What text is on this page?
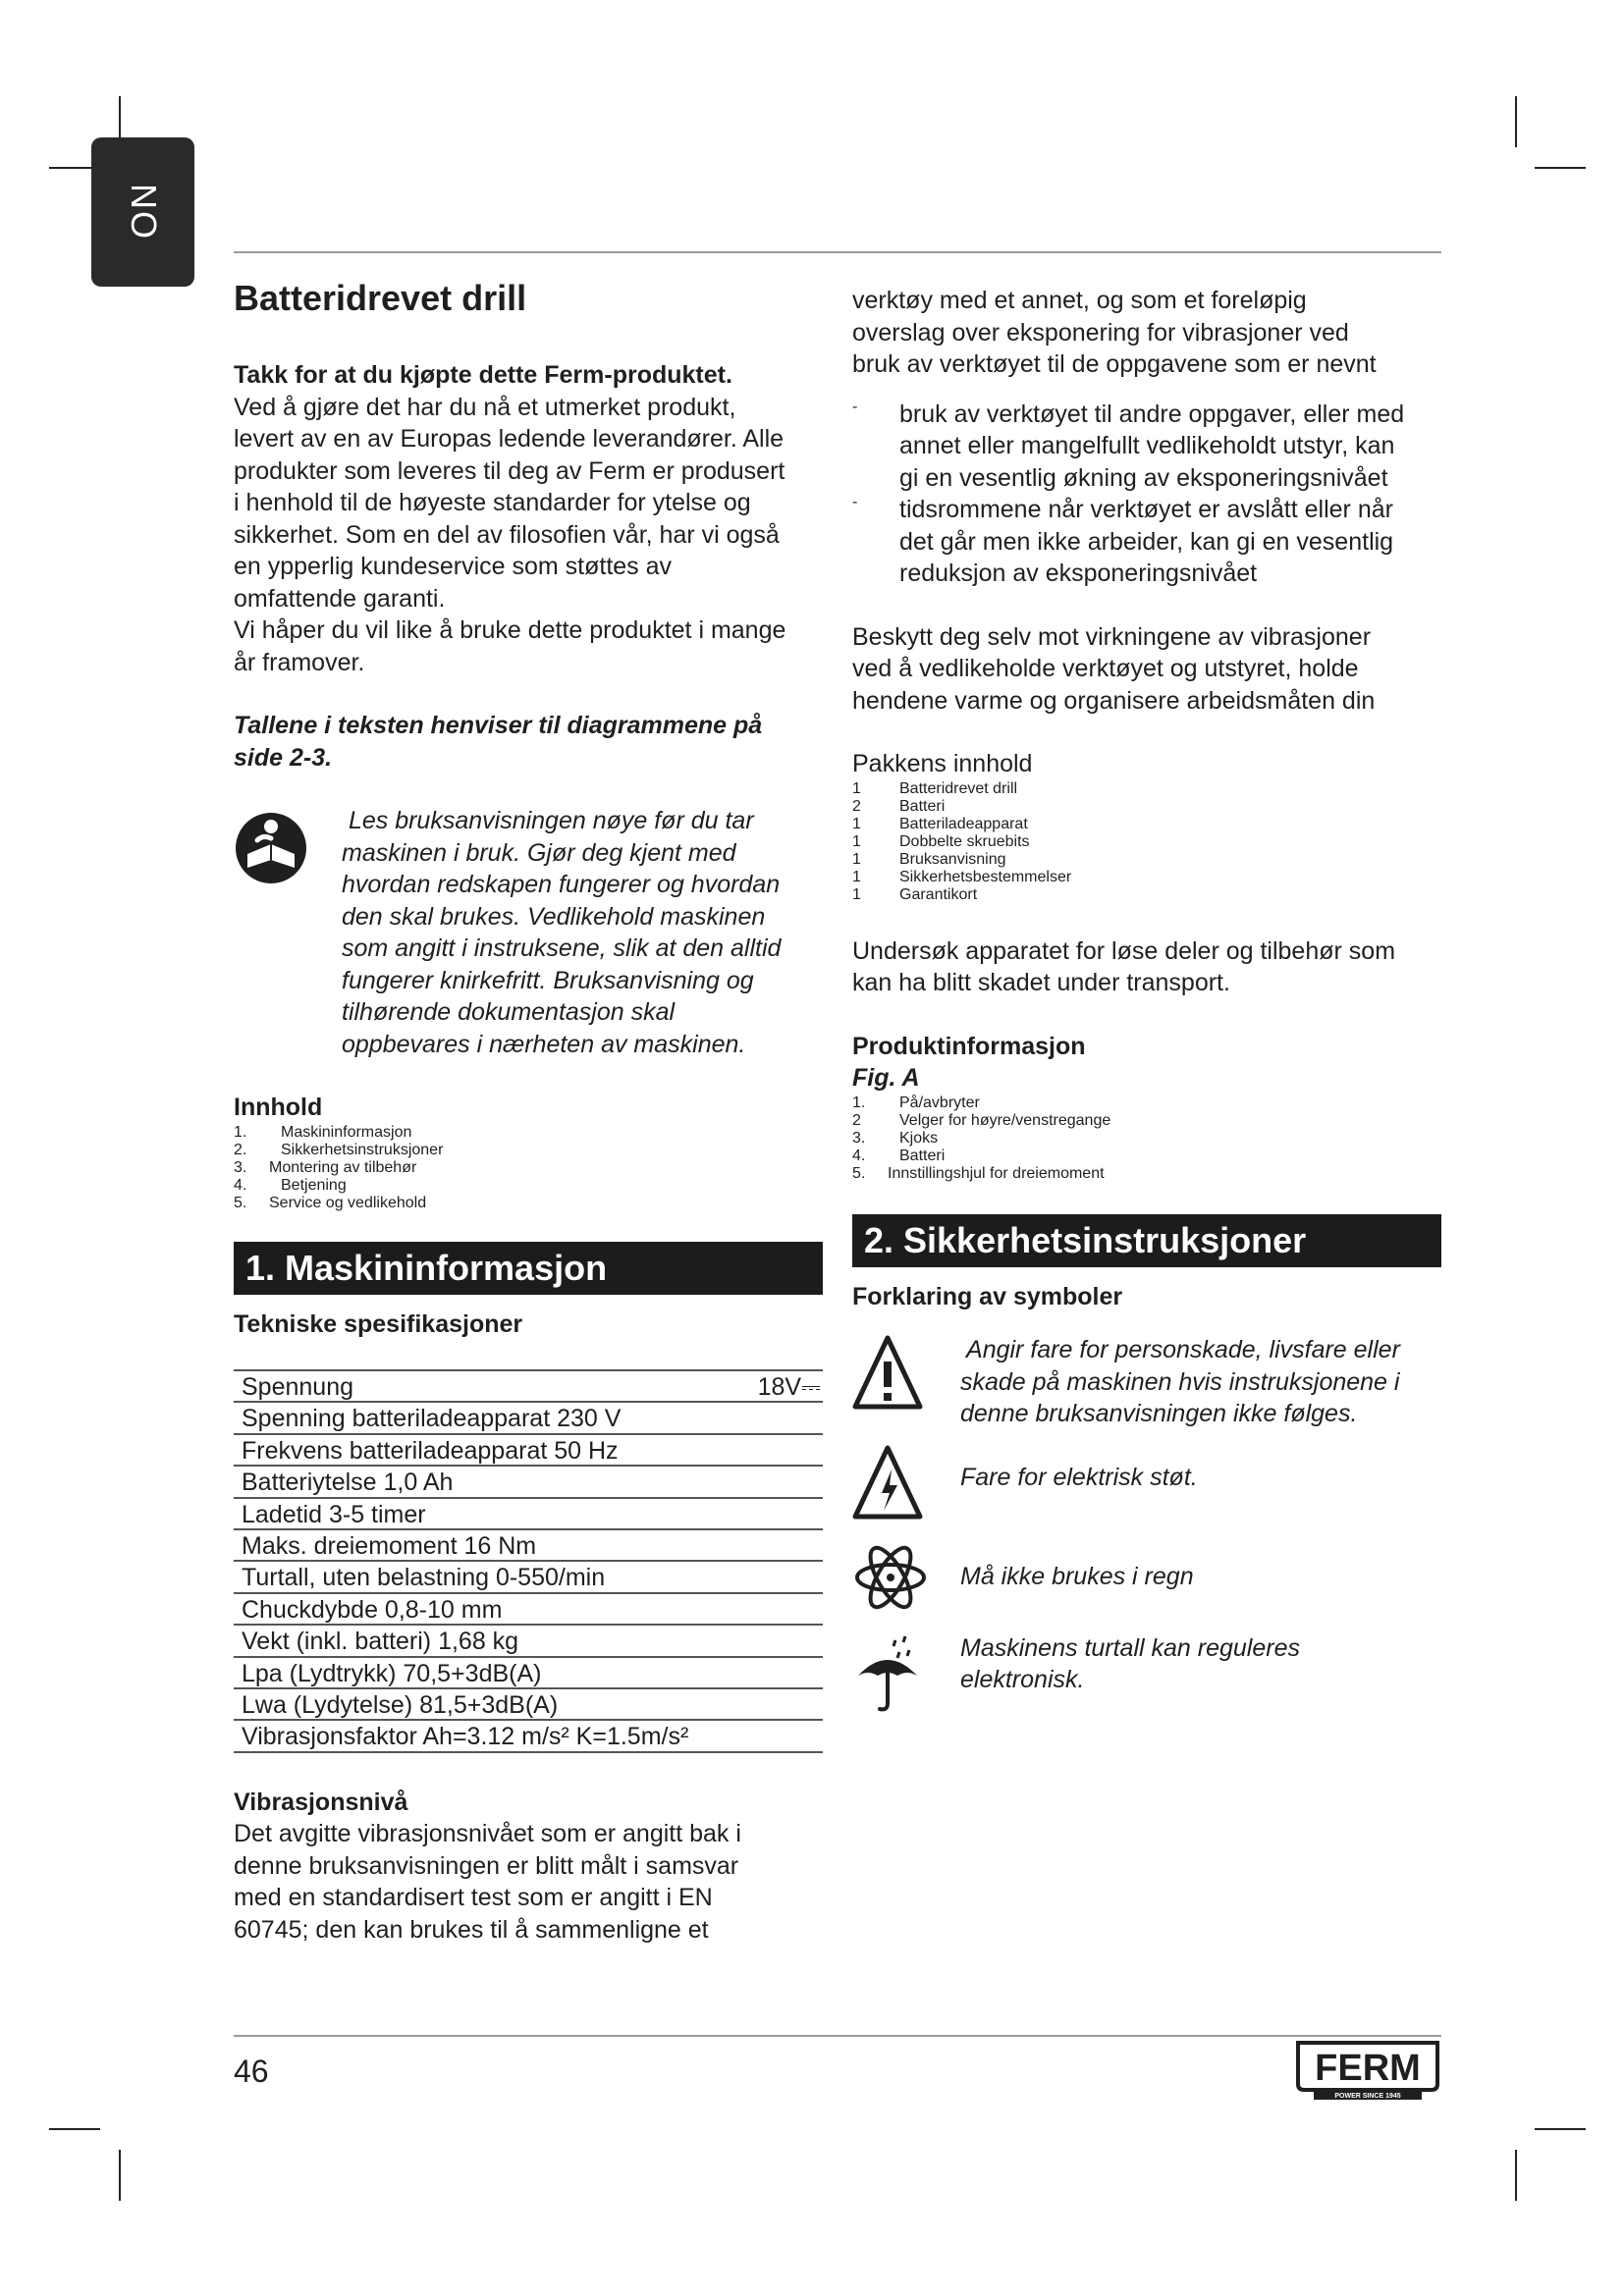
NO
Batteridrevet drill

Takk for at du kjøpte dette Ferm-produktet.

Ved å gjøre det har du nå et utmerket produkt,
levert av en av Europas ledende leverandører. Alle
produkter som leveres til deg av Ferm er produsert
i henhold til de høyeste standarder for ytelse og
sikkerhet. Som en del av filosofien vår, har vi også
en ypperlig kundeservice som støttes av
omfattende garanti.
Vi håper du vil like å bruke dette produktet i mange
år framover.
Tallene i teksten henviser til diagrammene på
side 2-3.
Les bruksanvisningen nøye før du tar
maskinen i bruk. Gjør deg kjent med
hvordan redskapen fungerer og hvordan
den skal brukes. Vedlikehold maskinen
som angitt i instruksene, slik at den alltid
fungerer knirkefritt. Bruksanvisning og
tilhørende dokumentasjon skal
oppbevares i nærheten av maskinen.

Innhold

1.	Maskininformasjon
2.	Sikkerhetsinstruksjoner
3.	Montering av tilbehør
4.	Betjening
5.	Service og vedlikehold
1. Maskininformasjon

Tekniske spesifikasjoner

Spennung	18V⎓
Spenning batteriladeapparat 230 V
Frekvens batteriladeapparat 50 Hz
Batteriytelse 1,0 Ah
Ladetid 3-5 timer
Maks. dreiemoment 16 Nm
Turtall, uten belastning 0-550/min
Chuckdybde 0,8-10 mm
Vekt (inkl. batteri) 1,68 kg
Lpa (Lydtrykk) 70,5+3dB(A)
Lwa (Lydytelse) 81,5+3dB(A)
Vibrasjonsfaktor Ah=3.12 m/s² K=1.5m/s²

Vibrasjonsnivå

Det avgitte vibrasjonsnivået som er angitt bak i
denne bruksanvisningen er blitt målt i samsvar
med en standardisert test som er angitt i EN
60745; den kan brukes til å sammenligne et
verktøy med et annet, og som et foreløpig
overslag over eksponering for vibrasjoner ved
bruk av verktøyet til de oppgavene som er nevnt
-	bruk av verktøyet til andre oppgaver, eller med
annet eller mangelfullt vedlikeholdt utstyr, kan
gi en vesentlig økning av eksponeringsnivået
-	tidsrommene når verktøyet er avslått eller når
det går men ikke arbeider, kan gi en vesentlig
reduksjon av eksponeringsnivået
Beskytt deg selv mot virkningene av vibrasjoner
ved å vedlikeholde verktøyet og utstyret, holde
hendene varme og organisere arbeidsmåten din

Pakkens innhold

1	Batteridrevet drill
2	Batteri
1	Batteriladeapparat
1	Dobbelte skruebits
1	Bruksanvisning
1	Sikkerhetsbestemmelser
1	Garantikort
Undersøk apparatet for løse deler og tilbehør som
kan ha blitt skadet under transport.

Produktinformasjon

Fig. A

1.	På/avbryter
2	Velger for høyre/venstregange
3.	Kjoks
4.	Batteri
5.	Innstillingshjul for dreiemoment
2. Sikkerhetsinstruksjoner

Forklaring av symboler

Angir fare for personskade, livsfare eller
skade på maskinen hvis instruksjonene i
denne bruksanvisningen ikke følges.
Fare for elektrisk støt.
Må ikke brukes i regn
Maskinens turtall kan reguleres
elektronisk.
46	FERM
POWER SINCE 1945
